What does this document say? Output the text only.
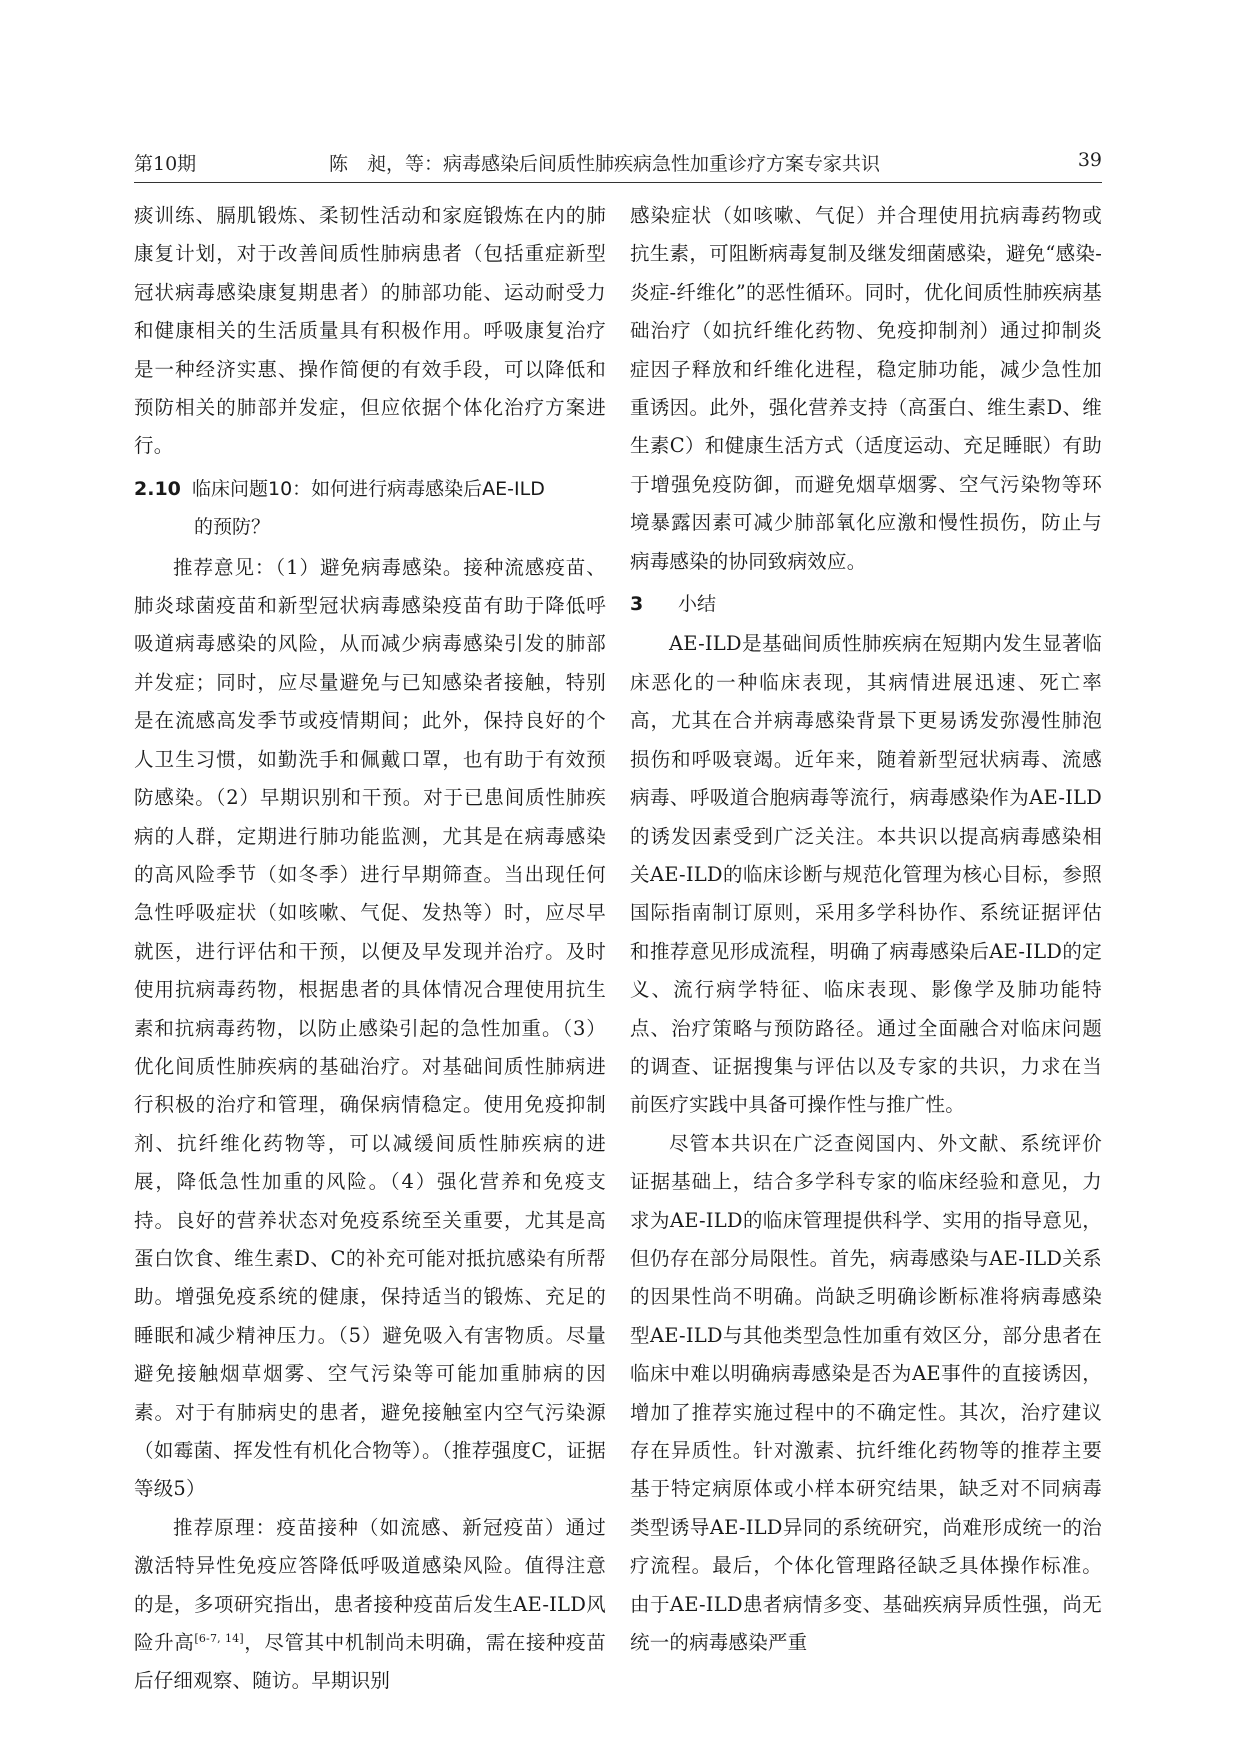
第10期	陈　昶，等：病毒感染后间质性肺疾病急性加重诊疗方案专家共识	39

痰训练、膈肌锻炼、柔韧性活动和家庭锻炼在内的肺康复计划，对于改善间质性肺病患者（包括重症新型冠状病毒感染康复期患者）的肺部功能、运动耐受力和健康相关的生活质量具有积极作用。呼吸康复治疗是一种经济实惠、操作简便的有效手段，可以降低和预防相关的肺部并发症，但应依据个体化治疗方案进行。

2.10 临床问题10：如何进行病毒感染后AE-ILD
的预防？

推荐意见：（1）避免病毒感染。接种流感疫苗、肺炎球菌疫苗和新型冠状病毒感染疫苗有助于降低呼吸道病毒感染的风险，从而减少病毒感染引发的肺部并发症；同时，应尽量避免与已知感染者接触，特别是在流感高发季节或疫情期间；此外，保持良好的个人卫生习惯，如勤洗手和佩戴口罩，也有助于有效预防感染。（2）早期识别和干预。对于已患间质性肺疾病的人群，定期进行肺功能监测，尤其是在病毒感染的高风险季节（如冬季）进行早期筛查。当出现任何急性呼吸症状（如咳嗽、气促、发热等）时，应尽早就医，进行评估和干预，以便及早发现并治疗。及时使用抗病毒药物，根据患者的具体情况合理使用抗生素和抗病毒药物，以防止感染引起的急性加重。（3）优化间质性肺疾病的基础治疗。对基础间质性肺病进行积极的治疗和管理，确保病情稳定。使用免疫抑制剂、抗纤维化药物等，可以减缓间质性肺疾病的进展，降低急性加重的风险。（4）强化营养和免疫支持。良好的营养状态对免疫系统至关重要，尤其是高蛋白饮食、维生素D、C的补充可能对抵抗感染有所帮助。增强免疫系统的健康，保持适当的锻炼、充足的睡眠和减少精神压力。（5）避免吸入有害物质。尽量避免接触烟草烟雾、空气污染等可能加重肺病的因素。对于有肺病史的患者，避免接触室内空气污染源（如霉菌、挥发性有机化合物等）。（推荐强度C，证据等级5）

推荐原理：疫苗接种（如流感、新冠疫苗）通过激活特异性免疫应答降低呼吸道感染风险。值得注意的是，多项研究指出，患者接种疫苗后发生AE-ILD风险升高[6-7, 14]，尽管其中机制尚未明确，需在接种疫苗后仔细观察、随访。早期识别

感染症状（如咳嗽、气促）并合理使用抗病毒药物或抗生素，可阻断病毒复制及继发细菌感染，避免“感染-炎症-纤维化”的恶性循环。同时，优化间质性肺疾病基础治疗（如抗纤维化药物、免疫抑制剂）通过抑制炎症因子释放和纤维化进程，稳定肺功能，减少急性加重诱因。此外，强化营养支持（高蛋白、维生素D、维生素C）和健康生活方式（适度运动、充足睡眠）有助于增强免疫防御，而避免烟草烟雾、空气污染物等环境暴露因素可减少肺部氧化应激和慢性损伤，防止与病毒感染的协同致病效应。

3 小结

AE-ILD是基础间质性肺疾病在短期内发生显著临床恶化的一种临床表现，其病情进展迅速、死亡率高，尤其在合并病毒感染背景下更易诱发弥漫性肺泡损伤和呼吸衰竭。近年来，随着新型冠状病毒、流感病毒、呼吸道合胞病毒等流行，病毒感染作为AE-ILD的诱发因素受到广泛关注。本共识以提高病毒感染相关AE-ILD的临床诊断与规范化管理为核心目标，参照国际指南制订原则，采用多学科协作、系统证据评估和推荐意见形成流程，明确了病毒感染后AE-ILD的定义、流行病学特征、临床表现、影像学及肺功能特点、治疗策略与预防路径。通过全面融合对临床问题的调查、证据搜集与评估以及专家的共识，力求在当前医疗实践中具备可操作性与推广性。

尽管本共识在广泛查阅国内、外文献、系统评价证据基础上，结合多学科专家的临床经验和意见，力求为AE-ILD的临床管理提供科学、实用的指导意见，但仍存在部分局限性。首先，病毒感染与AE-ILD关系的因果性尚不明确。尚缺乏明确诊断标准将病毒感染型AE-ILD与其他类型急性加重有效区分，部分患者在临床中难以明确病毒感染是否为AE事件的直接诱因，增加了推荐实施过程中的不确定性。其次，治疗建议存在异质性。针对激素、抗纤维化药物等的推荐主要基于特定病原体或小样本研究结果，缺乏对不同病毒类型诱导AE-ILD异同的系统研究，尚难形成统一的治疗流程。最后，个体化管理路径缺乏具体操作标准。由于AE-ILD患者病情多变、基础疾病异质性强，尚无统一的病毒感染严重
